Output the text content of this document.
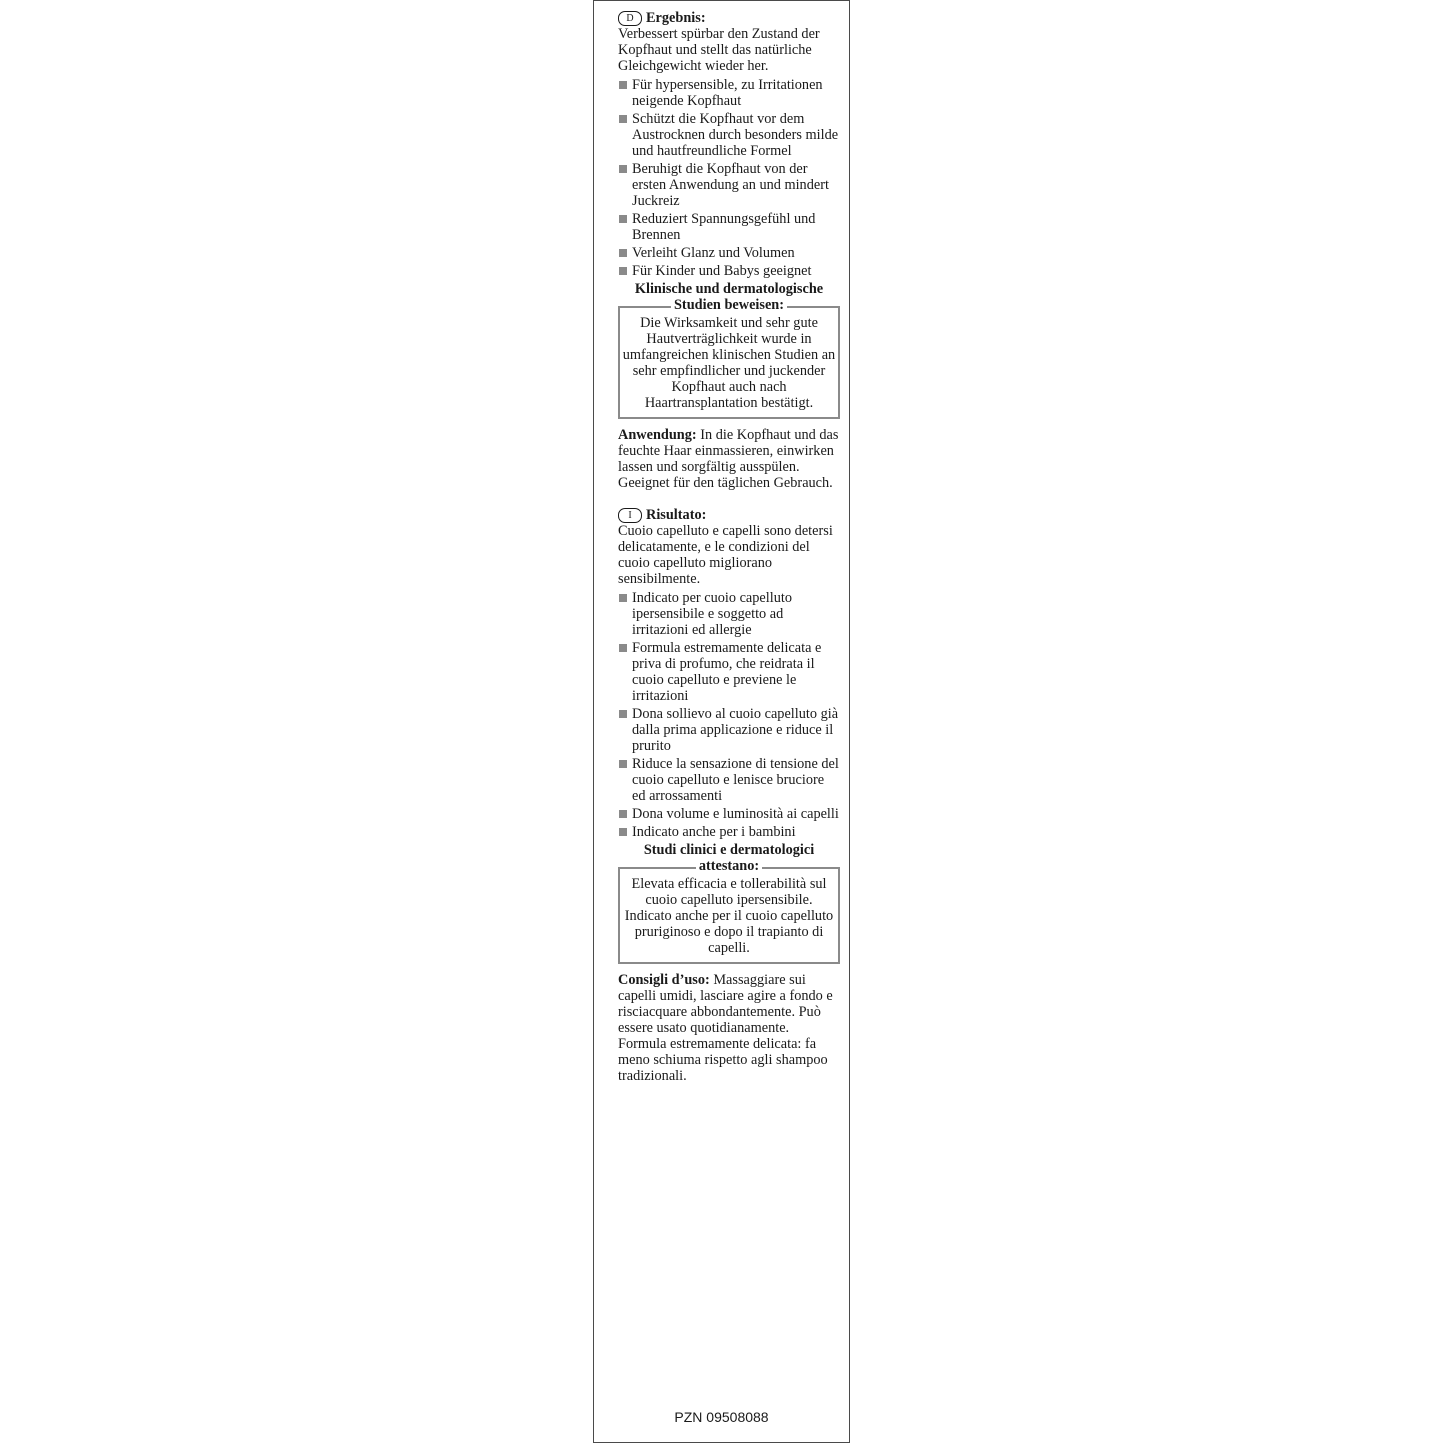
D Ergebnis:

Verbessert spürbar den Zustand der Kopfhaut und stellt das natürliche Gleichgewicht wieder her.

Für hypersensible, zu Irritationen neigende Kopfhaut
Schützt die Kopfhaut vor dem Austrocknen durch besonders milde und hautfreundliche Formel
Beruhigt die Kopfhaut von der ersten Anwendung an und mindert Juckreiz
Reduziert Spannungsgefühl und Brennen
Verleiht Glanz und Volumen
Für Kinder und Babys geeignet
Klinische und dermatologische
Studien beweisen:
Die Wirksamkeit und sehr gute Hautverträglichkeit wurde in umfangreichen klinischen Studien an sehr empfindlicher und juckender Kopfhaut auch nach Haartransplantation bestätigt.

Anwendung: In die Kopfhaut und das feuchte Haar einmassieren, einwirken lassen und sorgfältig ausspülen. Geeignet für den täglichen Gebrauch.

I	Risultato:

Cuoio capelluto e capelli sono detersi delicatamente, e le condizioni del cuoio capelluto migliorano sensibilmente.

Indicato per cuoio capelluto ipersensibile e soggetto ad irritazioni ed allergie
Formula estremamente delicata e priva di profumo, che reidrata il cuoio capelluto e previene le irritazioni
Dona sollievo al cuoio capelluto già dalla prima applicazione e riduce il prurito
Riduce la sensazione di tensione del cuoio capelluto e lenisce bruciore ed arrossamenti
Dona volume e luminosità ai capelli
Indicato anche per i bambini
Studi clinici e dermatologici
attestano:
Elevata efficacia e tollerabilità sul cuoio capelluto ipersensibile. Indicato anche per il cuoio capelluto pruriginoso e dopo il trapianto di capelli.

Consigli d’uso: Massaggiare sui capelli umidi, lasciare agire a fondo e risciacquare abbondantemente. Può essere usato quotidianamente. Formula estremamente delicata: fa meno schiuma rispetto agli shampoo tradizionali.

PZN 09508088
